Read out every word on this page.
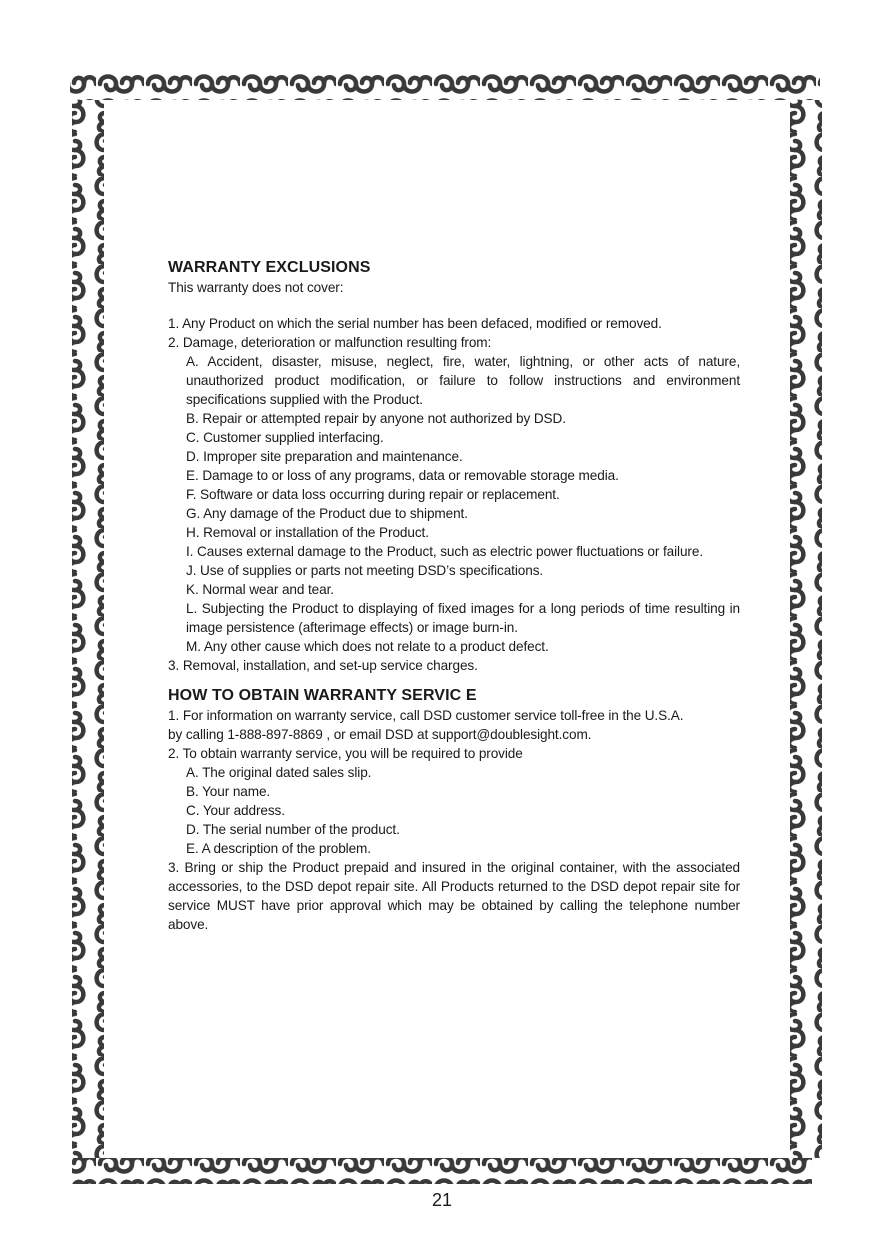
WARRANTY EXCLUSIONS

This warranty does not cover:

1. Any Product on which the serial number has been defaced, modified or removed.

2. Damage, deterioration or malfunction resulting from:

A. Accident, disaster, misuse, neglect, fire, water, lightning, or other acts of nature, unauthorized product modification, or failure to follow instructions and environment specifications supplied with the Product.

B. Repair or attempted repair by anyone not authorized by DSD.

C. Customer supplied interfacing.

D. Improper site preparation and maintenance.

E. Damage to or loss of any programs, data or removable storage media.

F. Software or data loss occurring during repair or replacement.

G. Any damage of the Product due to shipment.

H. Removal or installation of the Product.

I. Causes external damage to the Product, such as electric power fluctuations or failure.

J. Use of supplies or parts not meeting DSD’s specifications.

K. Normal wear and tear.

L. Subjecting the Product to displaying of fixed images for a long periods of time resulting in image persistence (afterimage effects) or image burn-in.

M. Any other cause which does not relate to a product defect.

3. Removal, installation, and set-up service charges.

HOW TO OBTAIN WARRANTY SERVIC E

1. For information on warranty service, call DSD customer service toll-free in the U.S.A.

by calling 1-888-897-8869 , or email DSD at support@doublesight.com.

2. To obtain warranty service, you will be required to provide

A. The original dated sales slip.

B. Your name.

C. Your address.

D. The serial number of the product.

E. A description of the problem.

3. Bring or ship the Product prepaid and insured in the original container, with the associated accessories, to the DSD depot repair site. All Products returned to the DSD depot repair site for service MUST have prior approval which may be obtained by calling the telephone number above.

21
